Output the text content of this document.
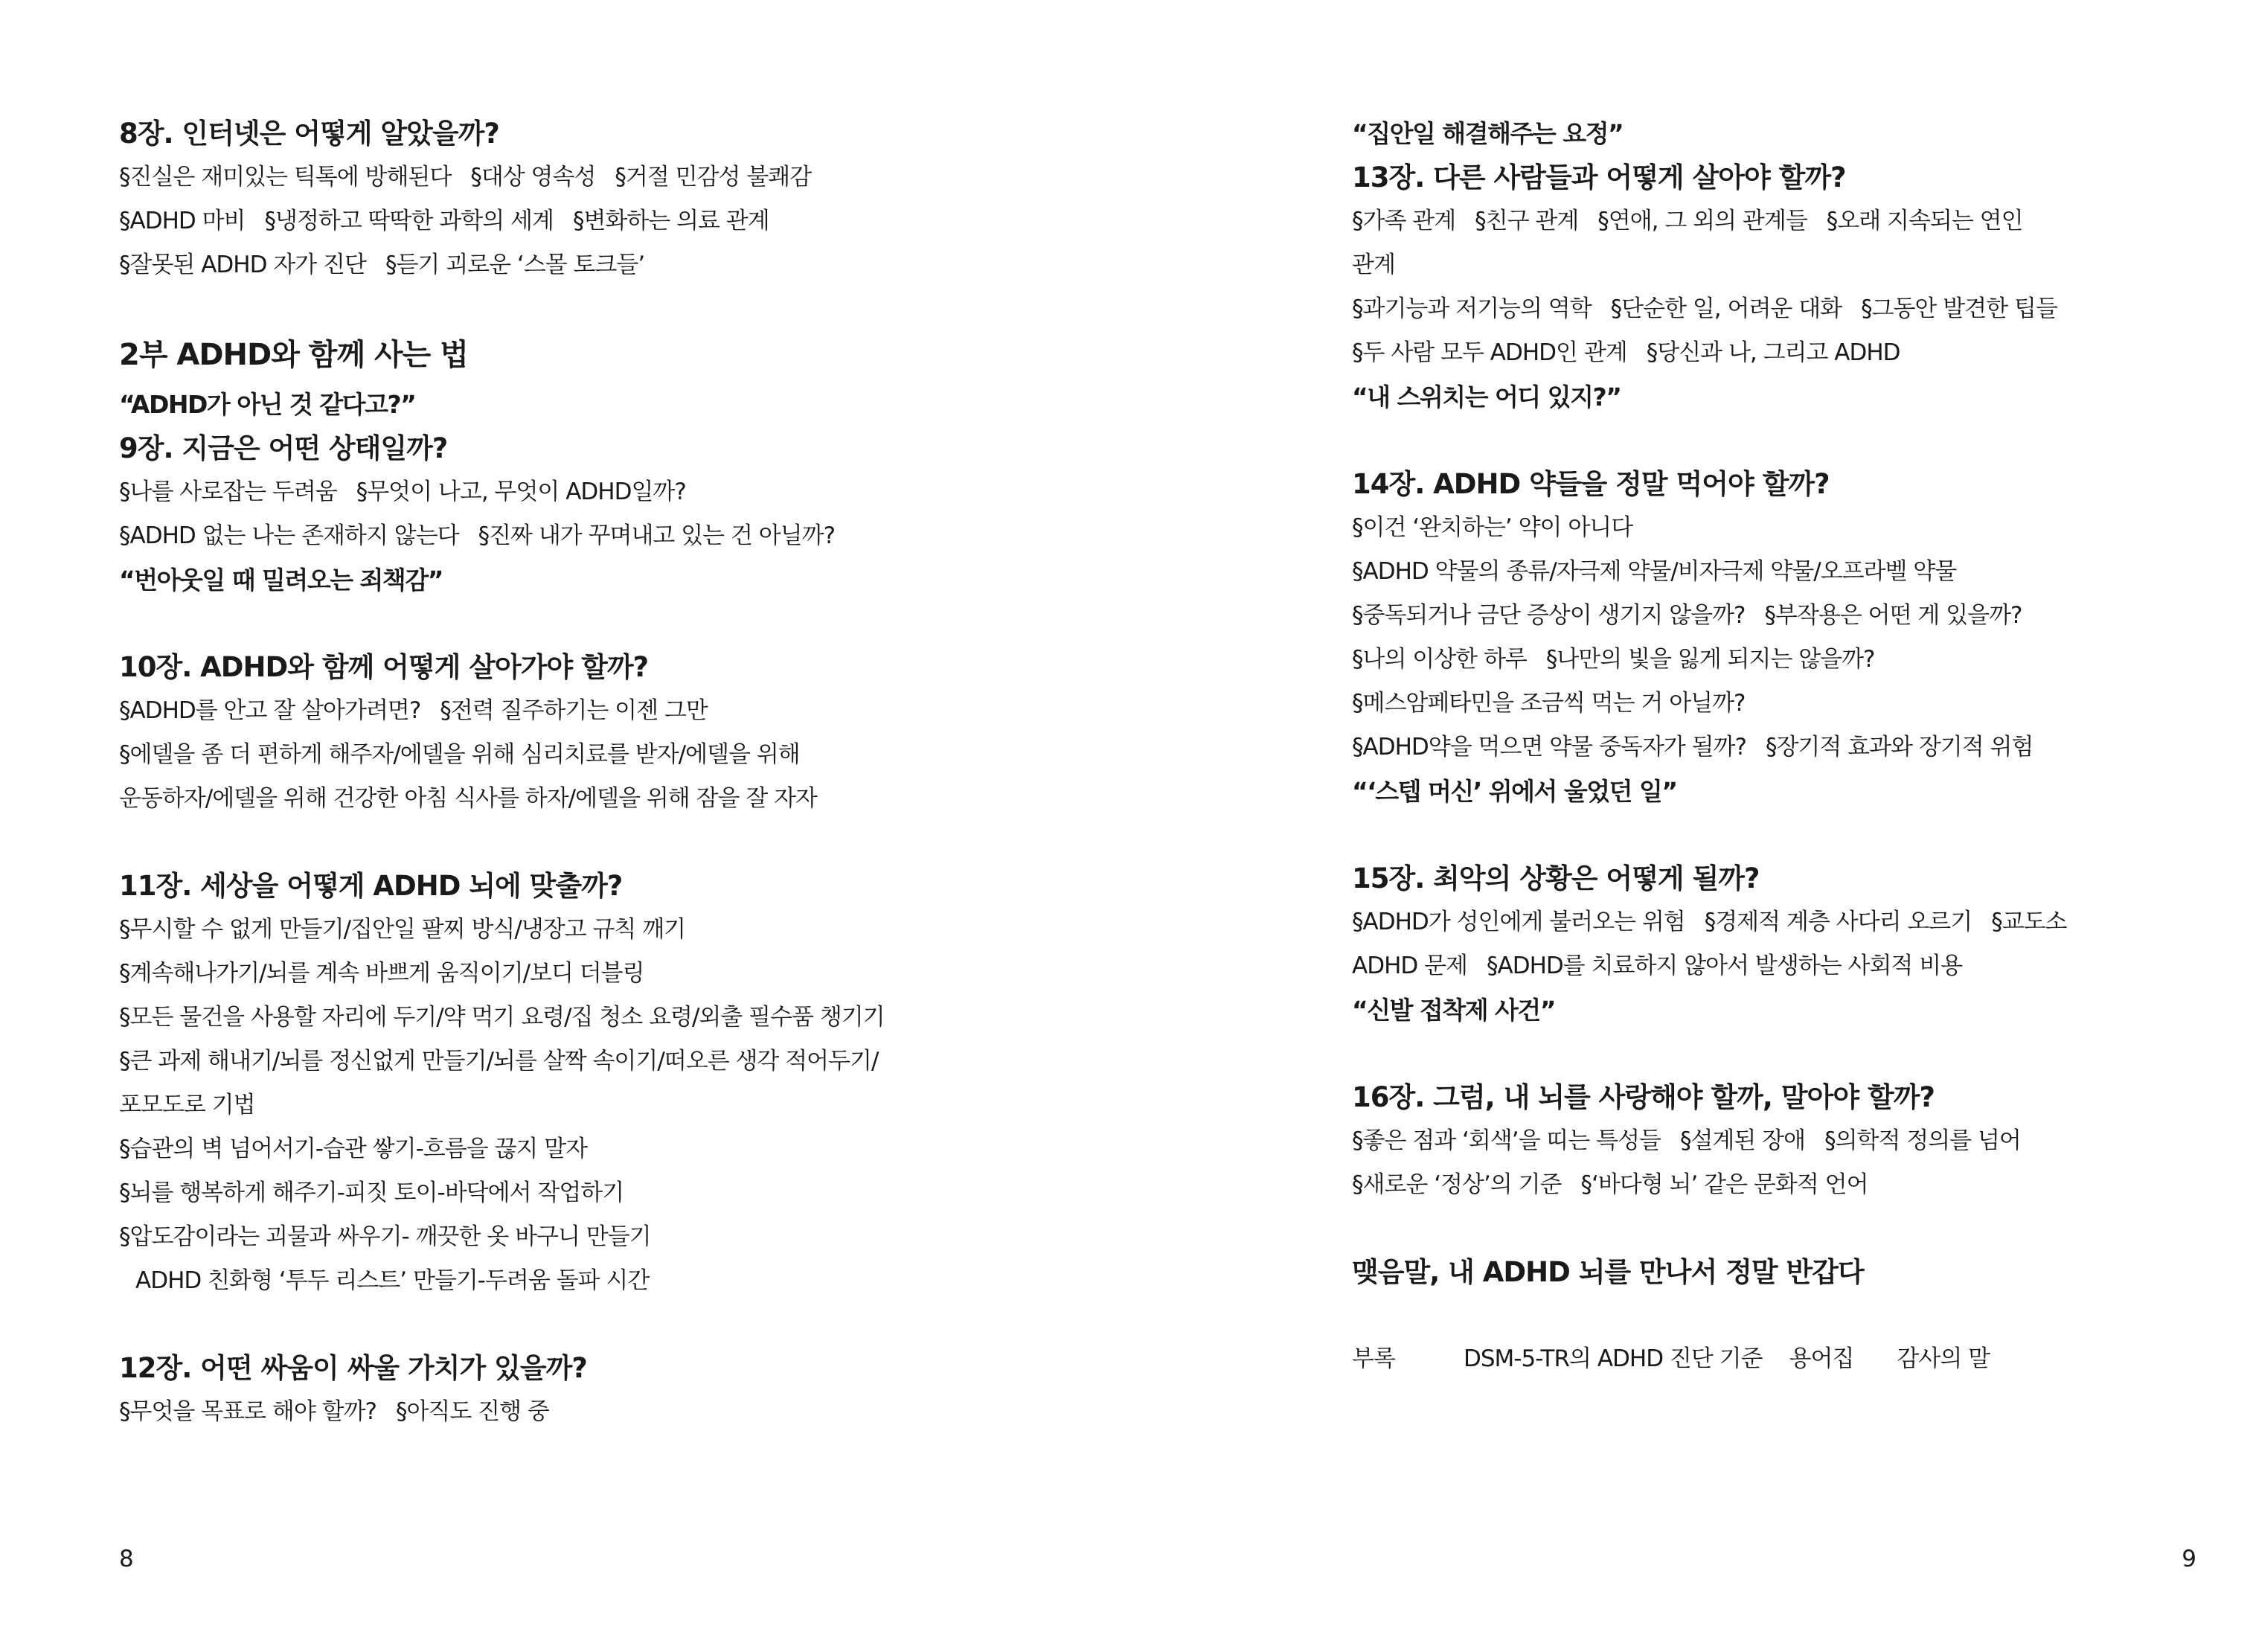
8장. 인터넷은 어떻게 알았을까?
§진실은 재미있는 틱톡에 방해된다 §대상 영속성 §거절 민감성 불쾌감
§ADHD 마비 §냉정하고 딱딱한 과학의 세계 §변화하는 의료 관계
§잘못된 ADHD 자가 진단 §듣기 괴로운 ‘스몰 토크들’
2부 ADHD와 함께 사는 법
“ADHD가 아닌 것 같다고?”
9장. 지금은 어떤 상태일까?
§나를 사로잡는 두려움 §무엇이 나고, 무엇이 ADHD일까?
§ADHD 없는 나는 존재하지 않는다 §진짜 내가 꾸며내고 있는 건 아닐까?
“번아웃일 때 밀려오는 죄책감”
10장. ADHD와 함께 어떻게 살아가야 할까?
§ADHD를 안고 잘 살아가려면? §전력 질주하기는 이젠 그만
§에델을 좀 더 편하게 해주자/에델을 위해 심리치료를 받자/에델을 위해
운동하자/에델을 위해 건강한 아침 식사를 하자/에델을 위해 잠을 잘 자자
11장. 세상을 어떻게 ADHD 뇌에 맞출까?
§무시할 수 없게 만들기/집안일 팔찌 방식/냉장고 규칙 깨기
§계속해나가기/뇌를 계속 바쁘게 움직이기/보디 더블링
§모든 물건을 사용할 자리에 두기/약 먹기 요령/집 청소 요령/외출 필수품 챙기기
§큰 과제 해내기/뇌를 정신없게 만들기/뇌를 살짝 속이기/떠오른 생각 적어두기/
포모도로 기법
§습관의 벽 넘어서기-습관 쌓기-흐름을 끊지 말자
§뇌를 행복하게 해주기-피짓 토이-바닥에서 작업하기
§압도감이라는 괴물과 싸우기- 깨끗한 옷 바구니 만들기
ADHD 친화형 ‘투두 리스트’ 만들기-두려움 돌파 시간
12장. 어떤 싸움이 싸울 가치가 있을까?
§무엇을 목표로 해야 할까? §아직도 진행 중
8
“집안일 해결해주는 요정”
13장. 다른 사람들과 어떻게 살아야 할까?
§가족 관계 §친구 관계 §연애, 그 외의 관계들 §오래 지속되는 연인
관계
§과기능과 저기능의 역학 §단순한 일, 어려운 대화 §그동안 발견한 팁들
§두 사람 모두 ADHD인 관계 §당신과 나, 그리고 ADHD
“내 스위치는 어디 있지?”
14장. ADHD 약들을 정말 먹어야 할까?
§이건 ‘완치하는’ 약이 아니다
§ADHD 약물의 종류/자극제 약물/비자극제 약물/오프라벨 약물
§중독되거나 금단 증상이 생기지 않을까? §부작용은 어떤 게 있을까?
§나의 이상한 하루 §나만의 빛을 잃게 되지는 않을까?
§메스암페타민을 조금씩 먹는 거 아닐까?
§ADHD약을 먹으면 약물 중독자가 될까? §장기적 효과와 장기적 위험
“‘스텝 머신’ 위에서 울었던 일”
15장. 최악의 상황은 어떻게 될까?
§ADHD가 성인에게 불러오는 위험 §경제적 계층 사다리 오르기 §교도소
ADHD 문제 §ADHD를 치료하지 않아서 발생하는 사회적 비용
“신발 접착제 사건”
16장. 그럼, 내 뇌를 사랑해야 할까, 말아야 할까?
§좋은 점과 ‘회색’을 띠는 특성들 §설계된 장애 §의학적 정의를 넘어
§새로운 ‘정상’의 기준 §‘바다형 뇌’ 같은 문화적 언어
맺음말, 내 ADHD 뇌를 만나서 정말 반갑다
부록	DSM-5-TR의 ADHD 진단 기준 용어집 감사의 말
9
